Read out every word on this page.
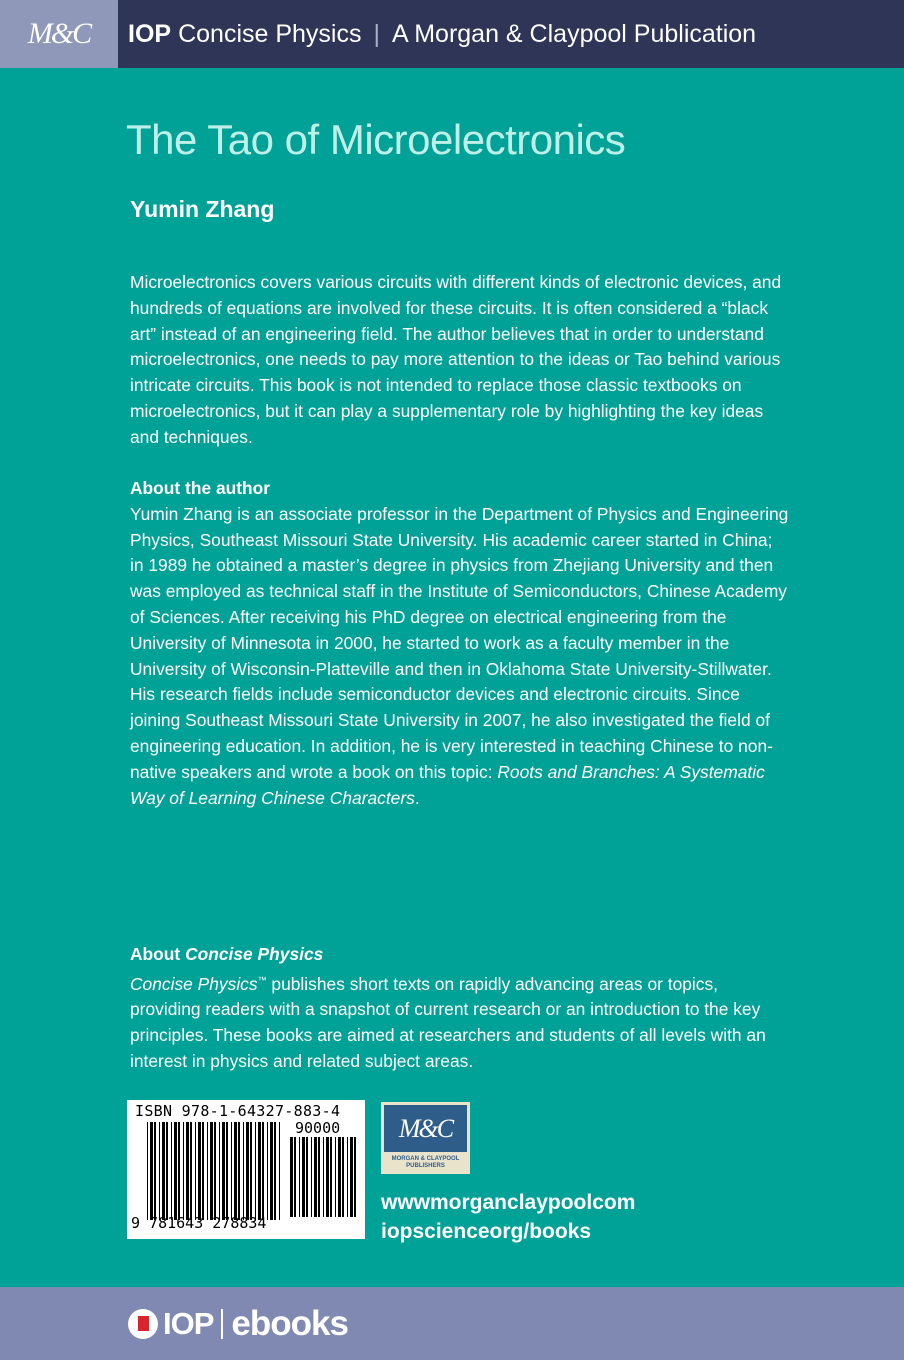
M&C	IOP Concise Physics | A Morgan & Claypool Publication
The Tao of Microelectronics
Yumin Zhang

Microelectronics covers various circuits with different kinds of electronic devices, and hundreds of equations are involved for these circuits. It is often considered a “black art” instead of an engineering field. The author believes that in order to understand microelectronics, one needs to pay more attention to the ideas or Tao behind various intricate circuits. This book is not intended to replace those classic textbooks on microelectronics, but it can play a supplementary role by highlighting the key ideas and techniques.

About the author

Yumin Zhang is an associate professor in the Department of Physics and Engineering Physics, Southeast Missouri State University. His academic career started in China; in 1989 he obtained a master’s degree in physics from Zhejiang University and then was employed as technical staff in the Institute of Semiconductors, Chinese Academy of Sciences. After receiving his PhD degree on electrical engineering from the University of Minnesota in 2000, he started to work as a faculty member in the University of Wisconsin-Platteville and then in Oklahoma State University-Stillwater. His research fields include semiconductor devices and electronic circuits. Since joining Southeast Missouri State University in 2007, he also investigated the field of engineering education. In addition, he is very interested in teaching Chinese to non-native speakers and wrote a book on this topic: Roots and Branches: A Systematic Way of Learning Chinese Characters.

About Concise Physics

Concise Physics™ publishes short texts on rapidly advancing areas or topics, providing readers with a snapshot of current research or an introduction to the key principles. These books are aimed at researchers and students of all levels with an interest in physics and related subject areas.

ISBN 978-1-64327-883-4
90000
9 781643 278834
M&C
MORGAN & CLAYPOOL PUBLISHERS
wwwmorganclaypoolcom
iopscienceorg/books
IOP ebooks
